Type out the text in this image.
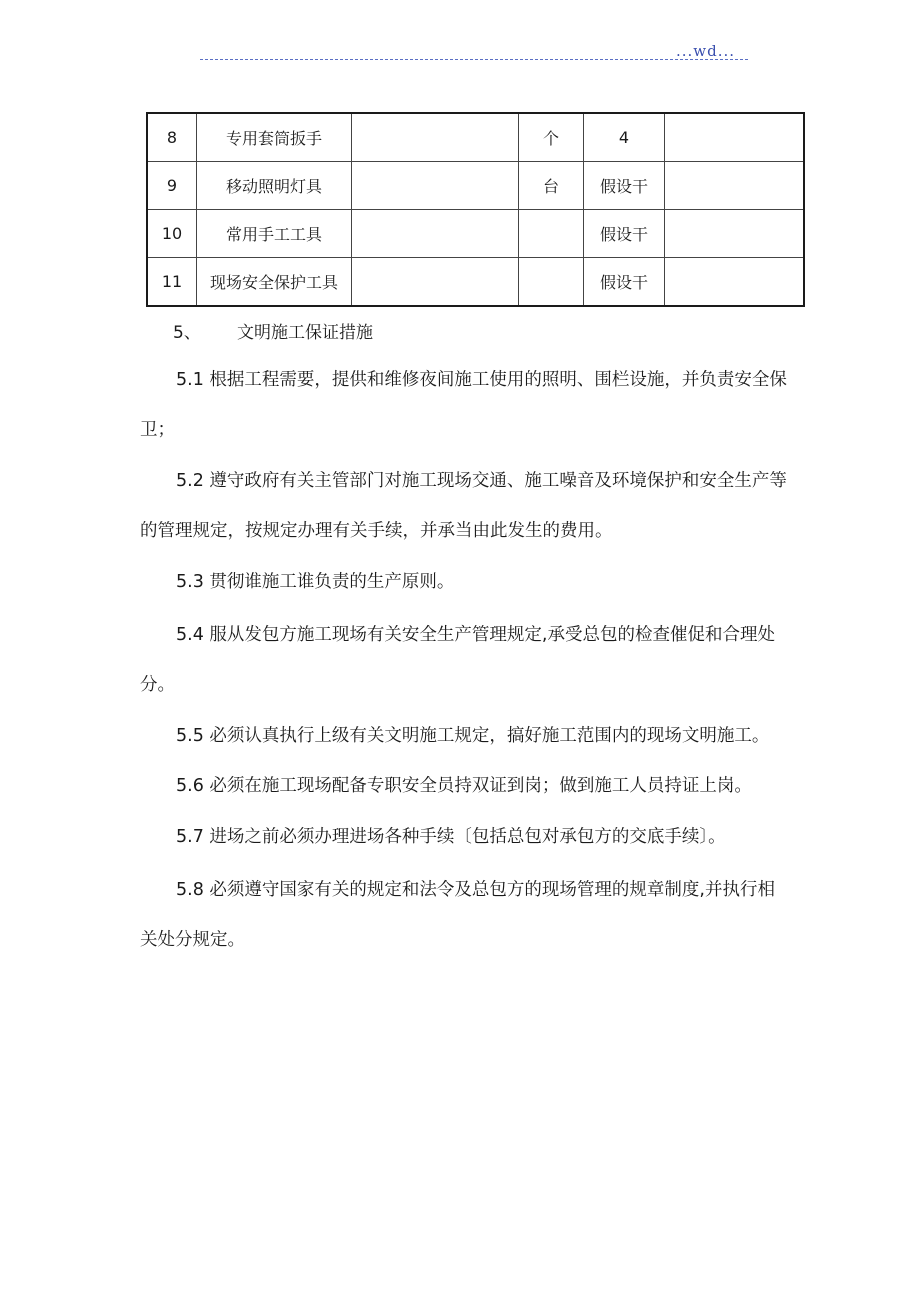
...wd...
8	专用套筒扳手		个	4	
9	移动照明灯具		台	假设干	
10	常用手工工具			假设干	
11	现场安全保护工具			假设干	
5、 文明施工保证措施
5.1 根据工程需要，提供和维修夜间施工使用的照明、围栏设施，并负责安全保
卫；
5.2 遵守政府有关主管部门对施工现场交通、施工噪音及环境保护和安全生产等
的管理规定，按规定办理有关手续，并承当由此发生的费用。
5.3 贯彻谁施工谁负责的生产原则。
5.4 服从发包方施工现场有关安全生产管理规定,承受总包的检查催促和合理处
分。
5.5 必须认真执行上级有关文明施工规定，搞好施工范围内的现场文明施工。
5.6 必须在施工现场配备专职安全员持双证到岗；做到施工人员持证上岗。
5.7 进场之前必须办理进场各种手续〔包括总包对承包方的交底手续〕。
5.8 必须遵守国家有关的规定和法令及总包方的现场管理的规章制度,并执行相
关处分规定。
